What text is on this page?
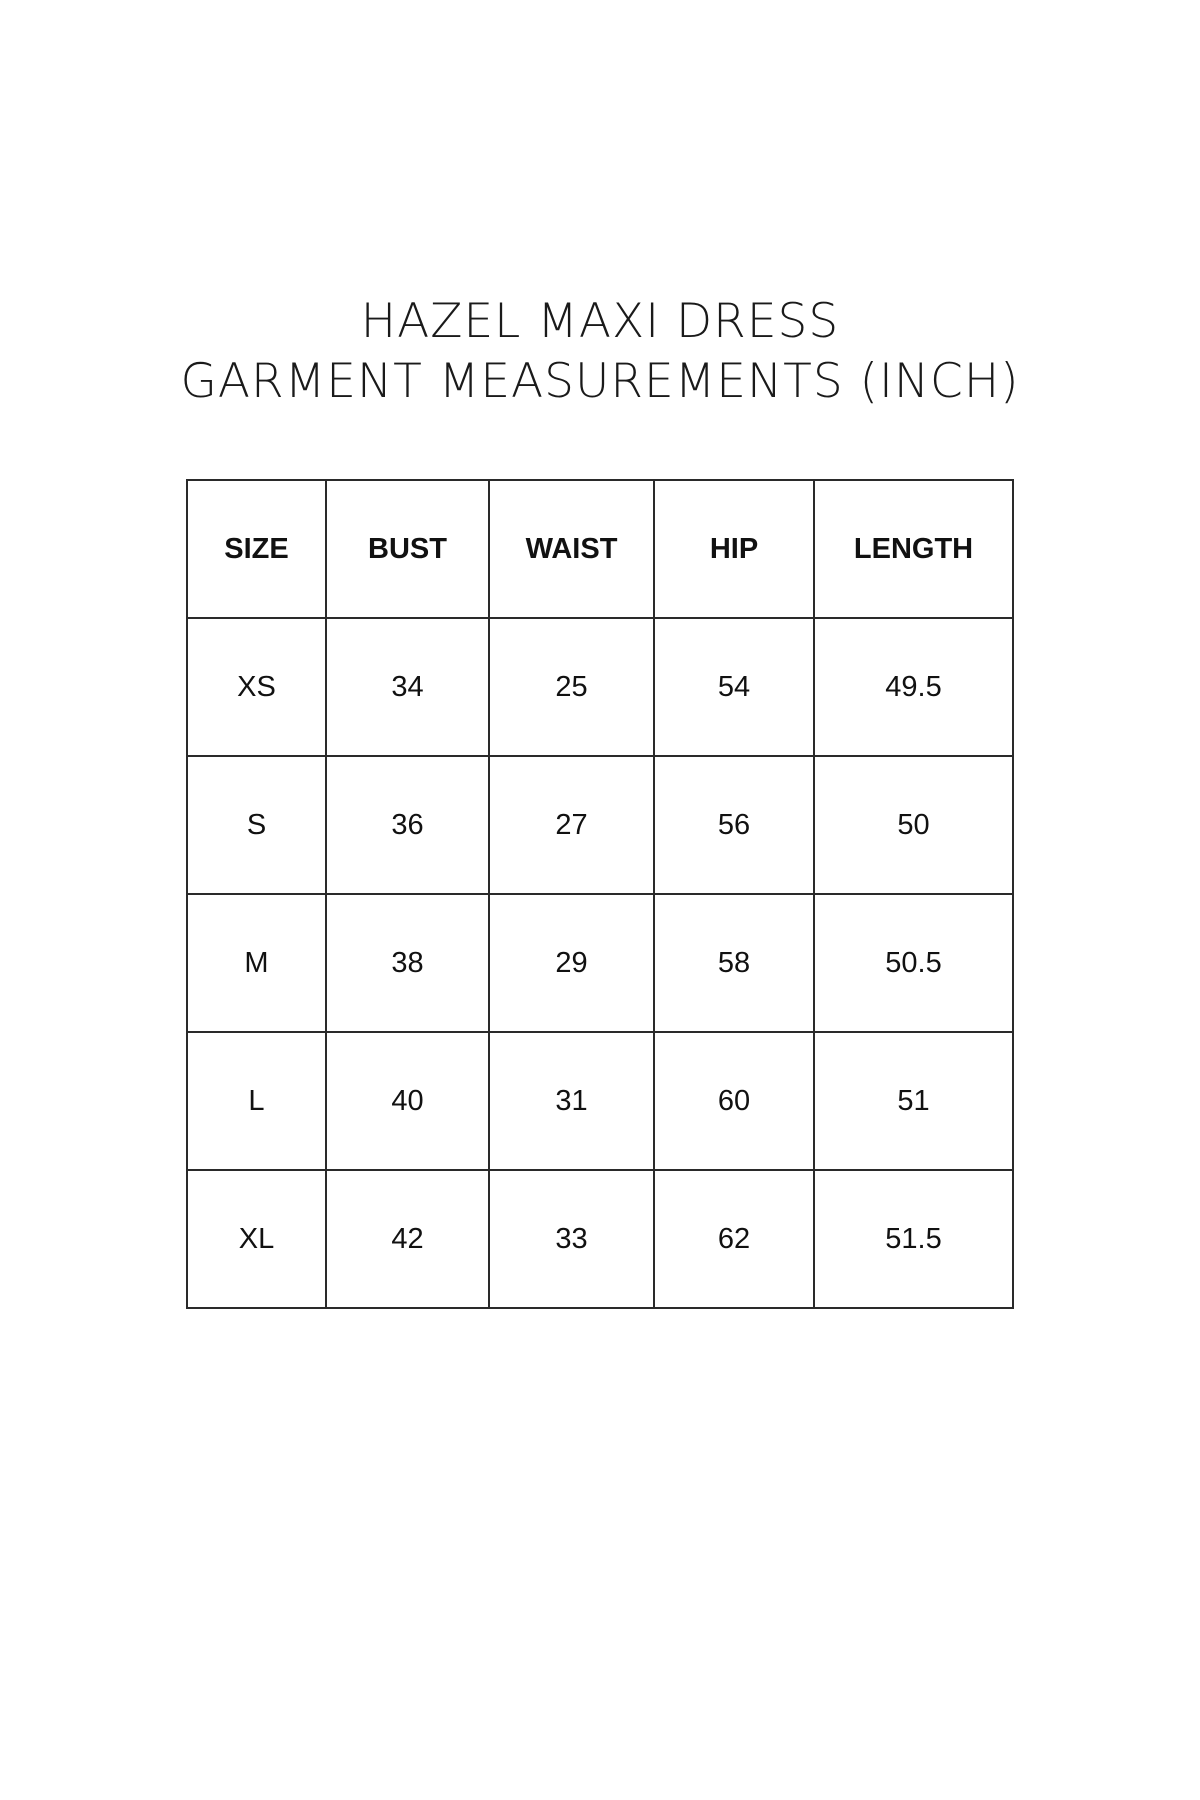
HAZEL MAXI DRESS
GARMENT MEASUREMENTS (INCH)
SIZE	BUST	WAIST	HIP	LENGTH
XS	34	25	54	49.5
S	36	27	56	50
M	38	29	58	50.5
L	40	31	60	51
XL	42	33	62	51.5
